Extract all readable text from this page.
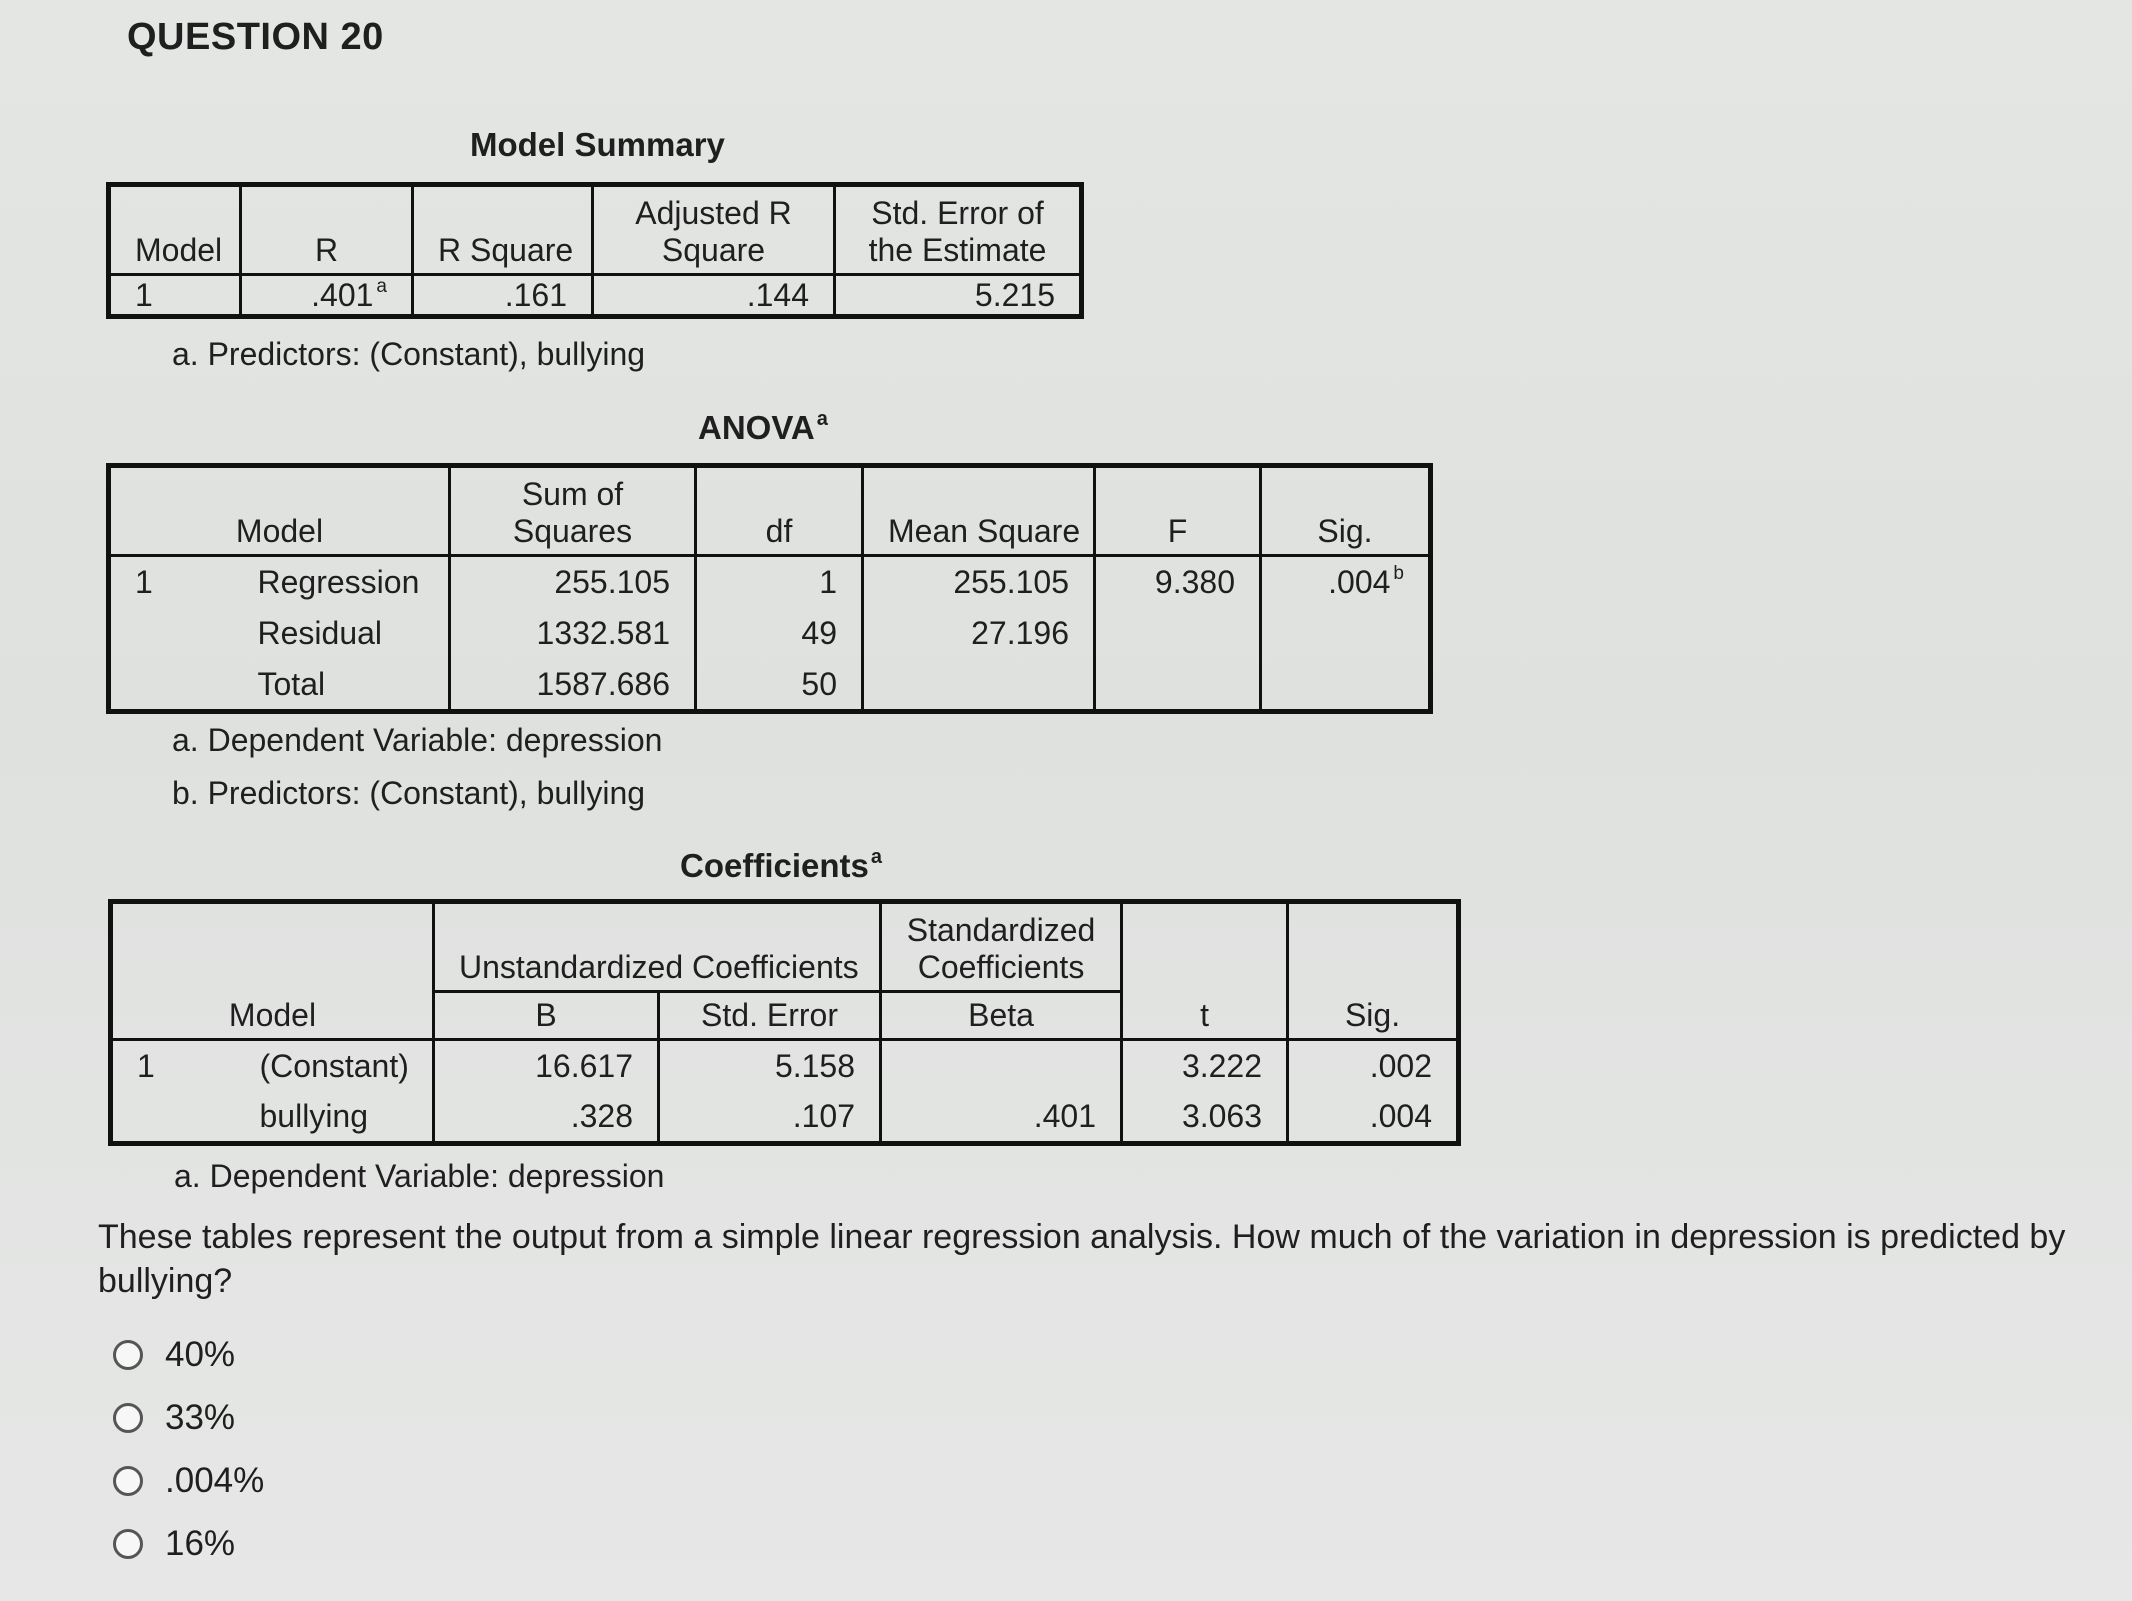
QUESTION 20
Model Summary
Model	R	R Square	Adjusted R Square	Std. Error of the Estimate
1	.401 $^a$	.161	.144	5.215
a. Predictors: (Constant), bullying
ANOVA $^a$
Model		Sum of Squares	df	Mean Square	F	Sig.
1	Regression	255.105	1	255.105	9.380	.004 $^b$
	Residual	1332.581	49	27.196		
	Total	1587.686	50			
a. Dependent Variable: depression
b. Predictors: (Constant), bullying
Coefficients $^a$
Model		Unstandardized Coefficients		Standardized Coefficients	t	Sig.
		B	Std. Error	Beta		
1	(Constant)	16.617	5.158		3.222	.002
	bullying	.328	.107	.401	3.063	.004
a. Dependent Variable: depression
These tables represent the output from a simple linear regression analysis. How much of the variation in depression is predicted by bullying?
40%
33%
.004%
16%
